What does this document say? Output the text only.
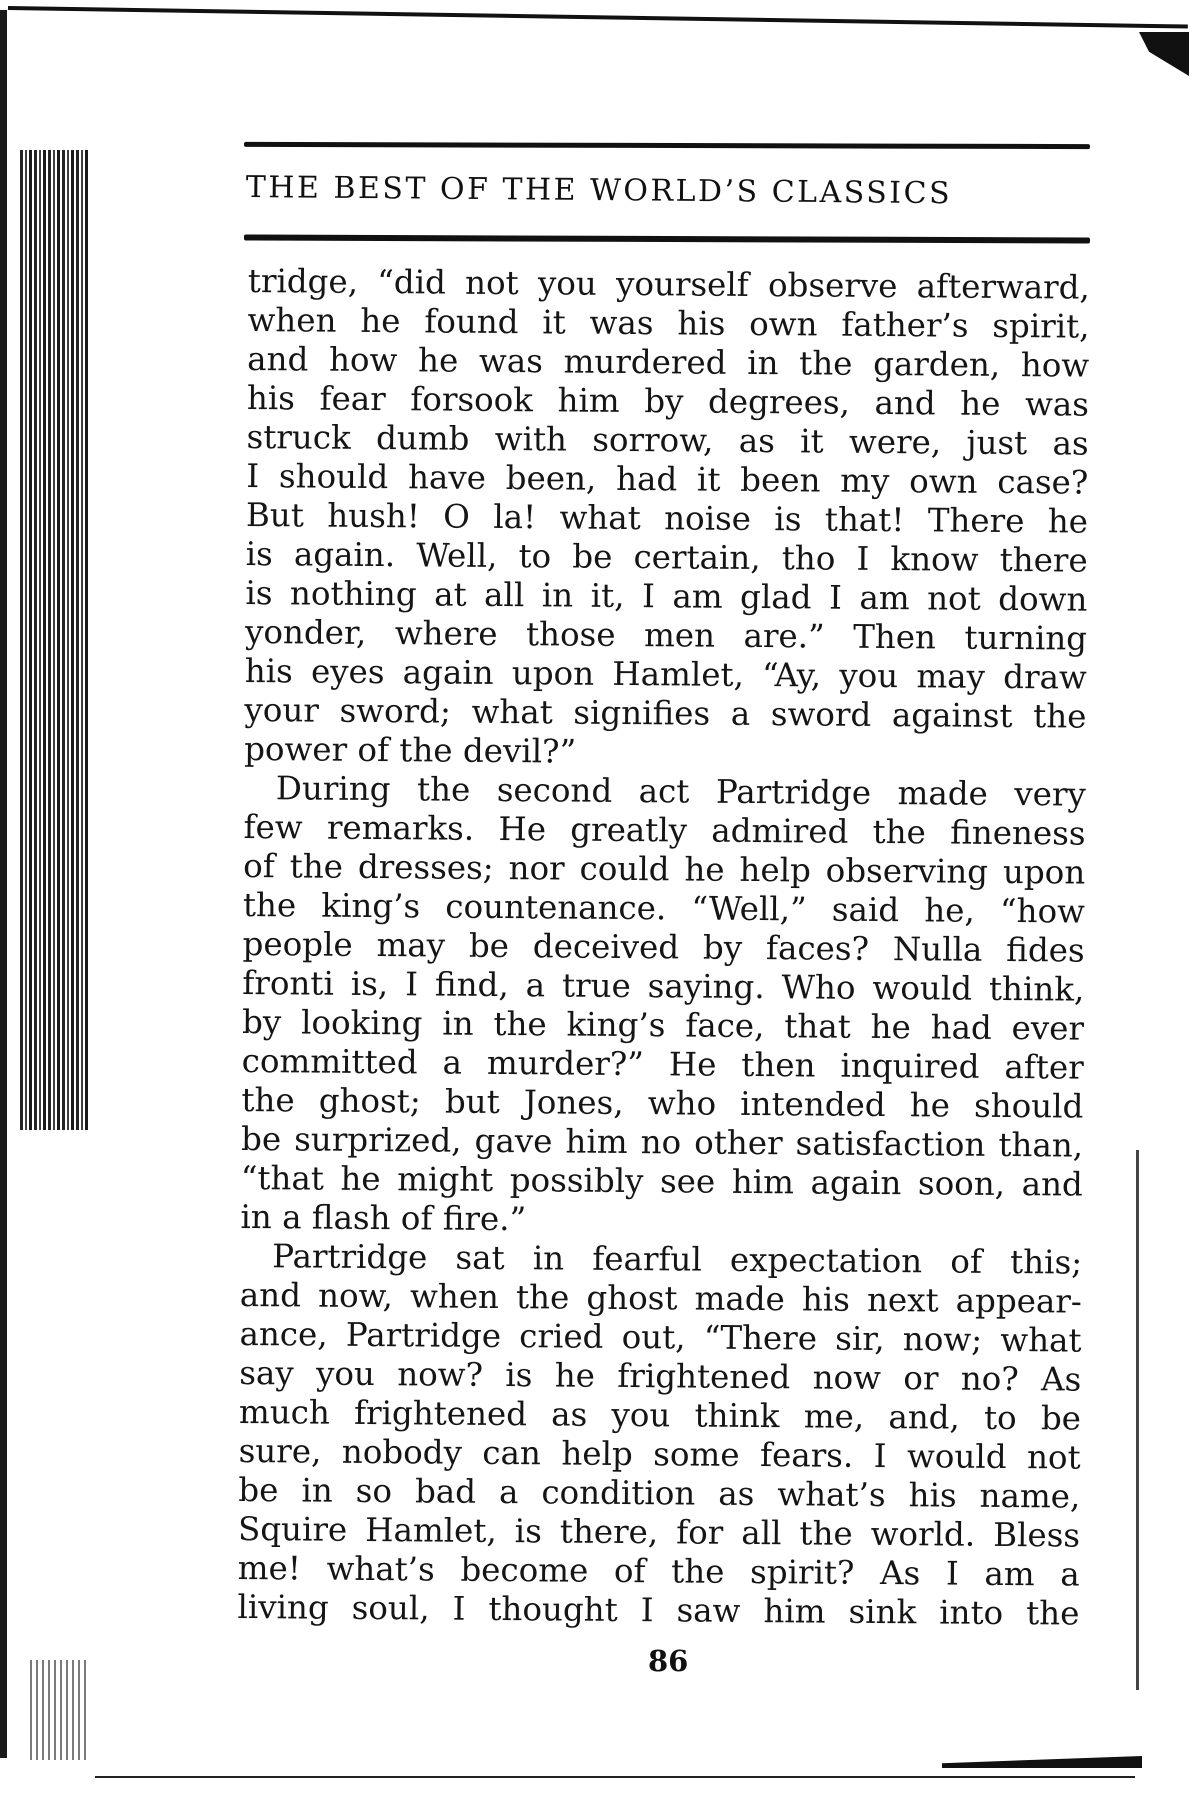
THE BEST OF THE WORLD’S CLASSICS
tridge, “did not you yourself observe afterward,
when he found it was his own father’s spirit,
and how he was murdered in the garden, how
his fear forsook him by degrees, and he was
struck dumb with sorrow, as it were, just as
I should have been, had it been my own case?
But hush! O la! what noise is that! There he
is again. Well, to be certain, tho I know there
is nothing at all in it, I am glad I am not down
yonder, where those men are.” Then turning
his eyes again upon Hamlet, “Ay, you may draw
your sword; what signifies a sword against the
power of the devil?”
During the second act Partridge made very
few remarks. He greatly admired the fineness
of the dresses; nor could he help observing upon
the king’s countenance. “Well,” said he, “how
people may be deceived by faces? Nulla fides
fronti is, I find, a true saying. Who would think,
by looking in the king’s face, that he had ever
committed a murder?” He then inquired after
the ghost; but Jones, who intended he should
be surprized, gave him no other satisfaction than,
“that he might possibly see him again soon, and
in a flash of fire.”
Partridge sat in fearful expectation of this;
and now, when the ghost made his next appear-
ance, Partridge cried out, “There sir, now; what
say you now? is he frightened now or no? As
much frightened as you think me, and, to be
sure, nobody can help some fears. I would not
be in so bad a condition as what’s his name,
Squire Hamlet, is there, for all the world. Bless
me! what’s become of the spirit? As I am a
living soul, I thought I saw him sink into the
86
